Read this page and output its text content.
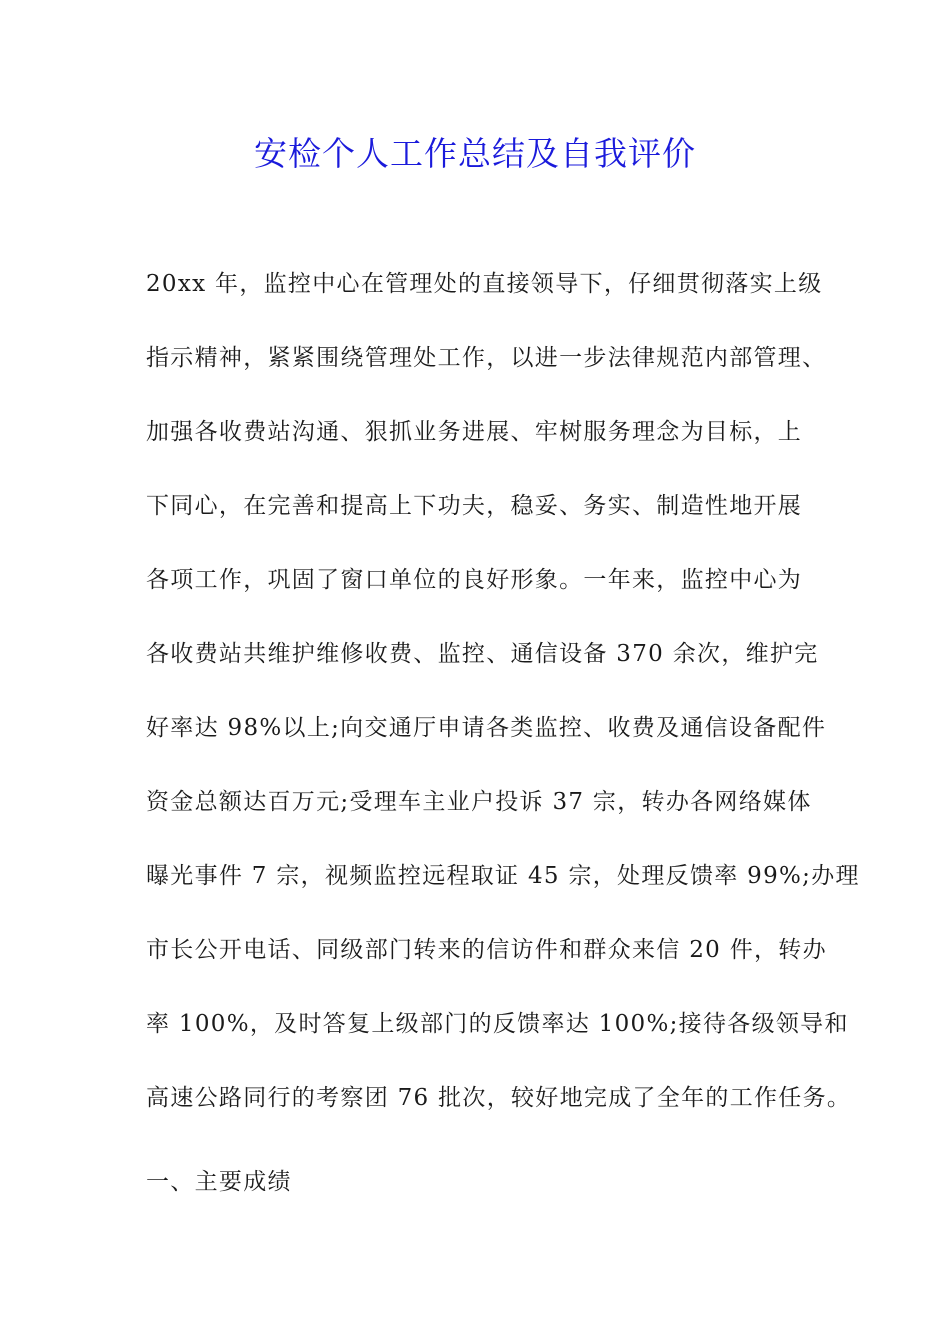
安检个人工作总结及自我评价
20xx 年，监控中心在管理处的直接领导下，仔细贯彻落实上级
指示精神，紧紧围绕管理处工作，以进一步法律规范内部管理、
加强各收费站沟通、狠抓业务进展、牢树服务理念为目标，上
下同心，在完善和提高上下功夫，稳妥、务实、制造性地开展
各项工作，巩固了窗口单位的良好形象。一年来，监控中心为
各收费站共维护维修收费、监控、通信设备 370 余次，维护完
好率达 98%以上;向交通厅申请各类监控、收费及通信设备配件
资金总额达百万元;受理车主业户投诉 37 宗，转办各网络媒体
曝光事件 7 宗，视频监控远程取证 45 宗，处理反馈率 99%;办理
市长公开电话、同级部门转来的信访件和群众来信 20 件，转办
率 100%，及时答复上级部门的反馈率达 100%;接待各级领导和
高速公路同行的考察团 76 批次，较好地完成了全年的工作任务。
一、主要成绩
